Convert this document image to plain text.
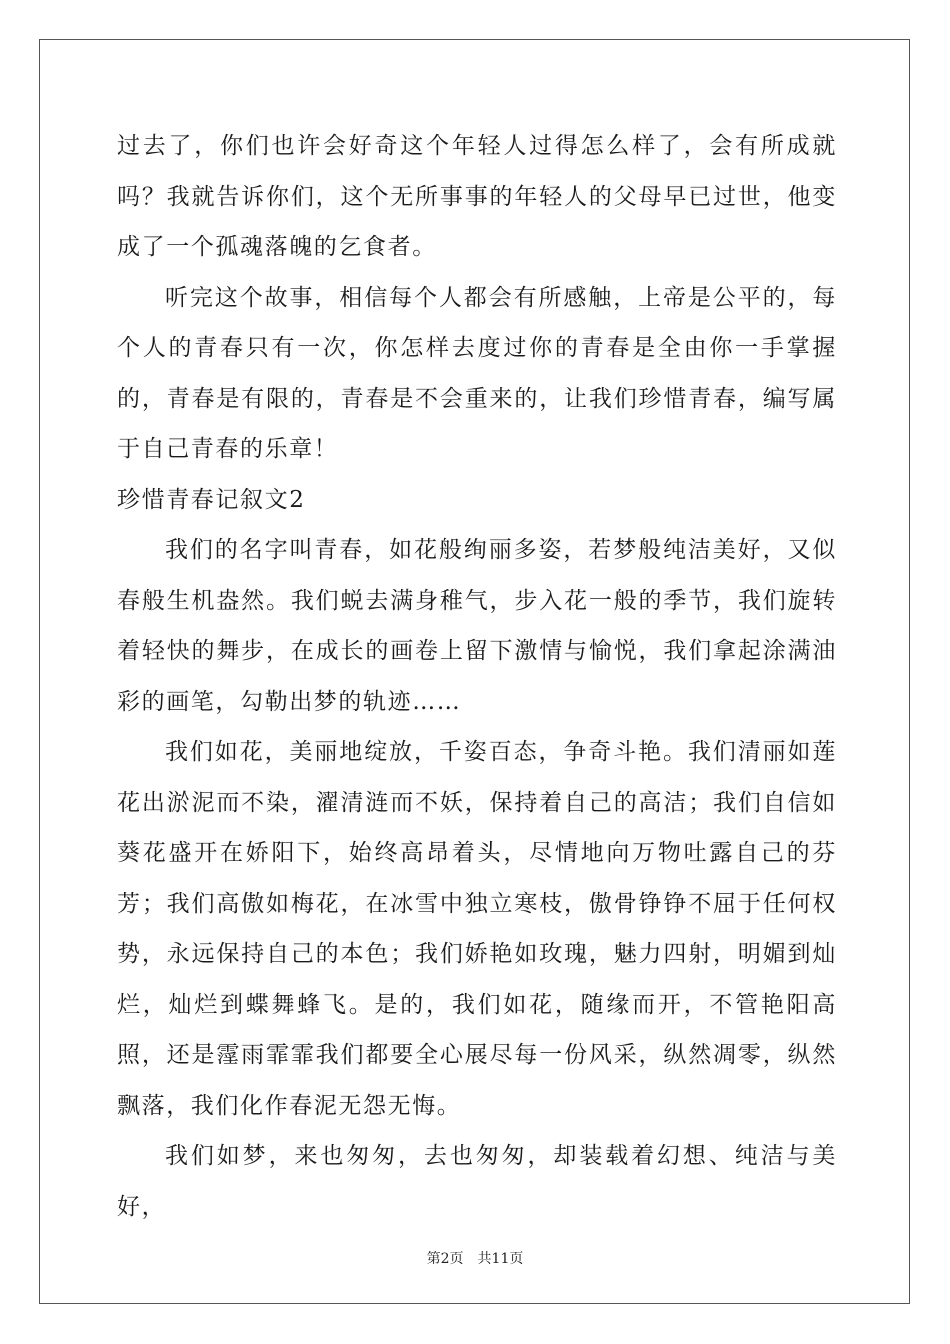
过去了，你们也许会好奇这个年轻人过得怎么样了，会有所成就吗？我就告诉你们，这个无所事事的年轻人的父母早已过世，他变成了一个孤魂落魄的乞食者。

听完这个故事，相信每个人都会有所感触，上帝是公平的，每个人的青春只有一次，你怎样去度过你的青春是全由你一手掌握的，青春是有限的，青春是不会重来的，让我们珍惜青春，编写属于自己青春的乐章！

珍惜青春记叙文2

我们的名字叫青春，如花般绚丽多姿，若梦般纯洁美好，又似春般生机盎然。我们蜕去满身稚气，步入花一般的季节，我们旋转着轻快的舞步，在成长的画卷上留下激情与愉悦，我们拿起涂满油彩的画笔，勾勒出梦的轨迹……

我们如花，美丽地绽放，千姿百态，争奇斗艳。我们清丽如莲花出淤泥而不染，濯清涟而不妖，保持着自己的高洁；我们自信如葵花盛开在娇阳下，始终高昂着头，尽情地向万物吐露自己的芬芳；我们高傲如梅花，在冰雪中独立寒枝，傲骨铮铮不屈于任何权势，永远保持自己的本色；我们娇艳如玫瑰，魅力四射，明媚到灿烂，灿烂到蝶舞蜂飞。是的，我们如花，随缘而开，不管艳阳高照，还是霪雨霏霏我们都要全心展尽每一份风采，纵然凋零，纵然飘落，我们化作春泥无怨无悔。

我们如梦，来也匆匆，去也匆匆，却装载着幻想、纯洁与美好，

第2页 共11页
